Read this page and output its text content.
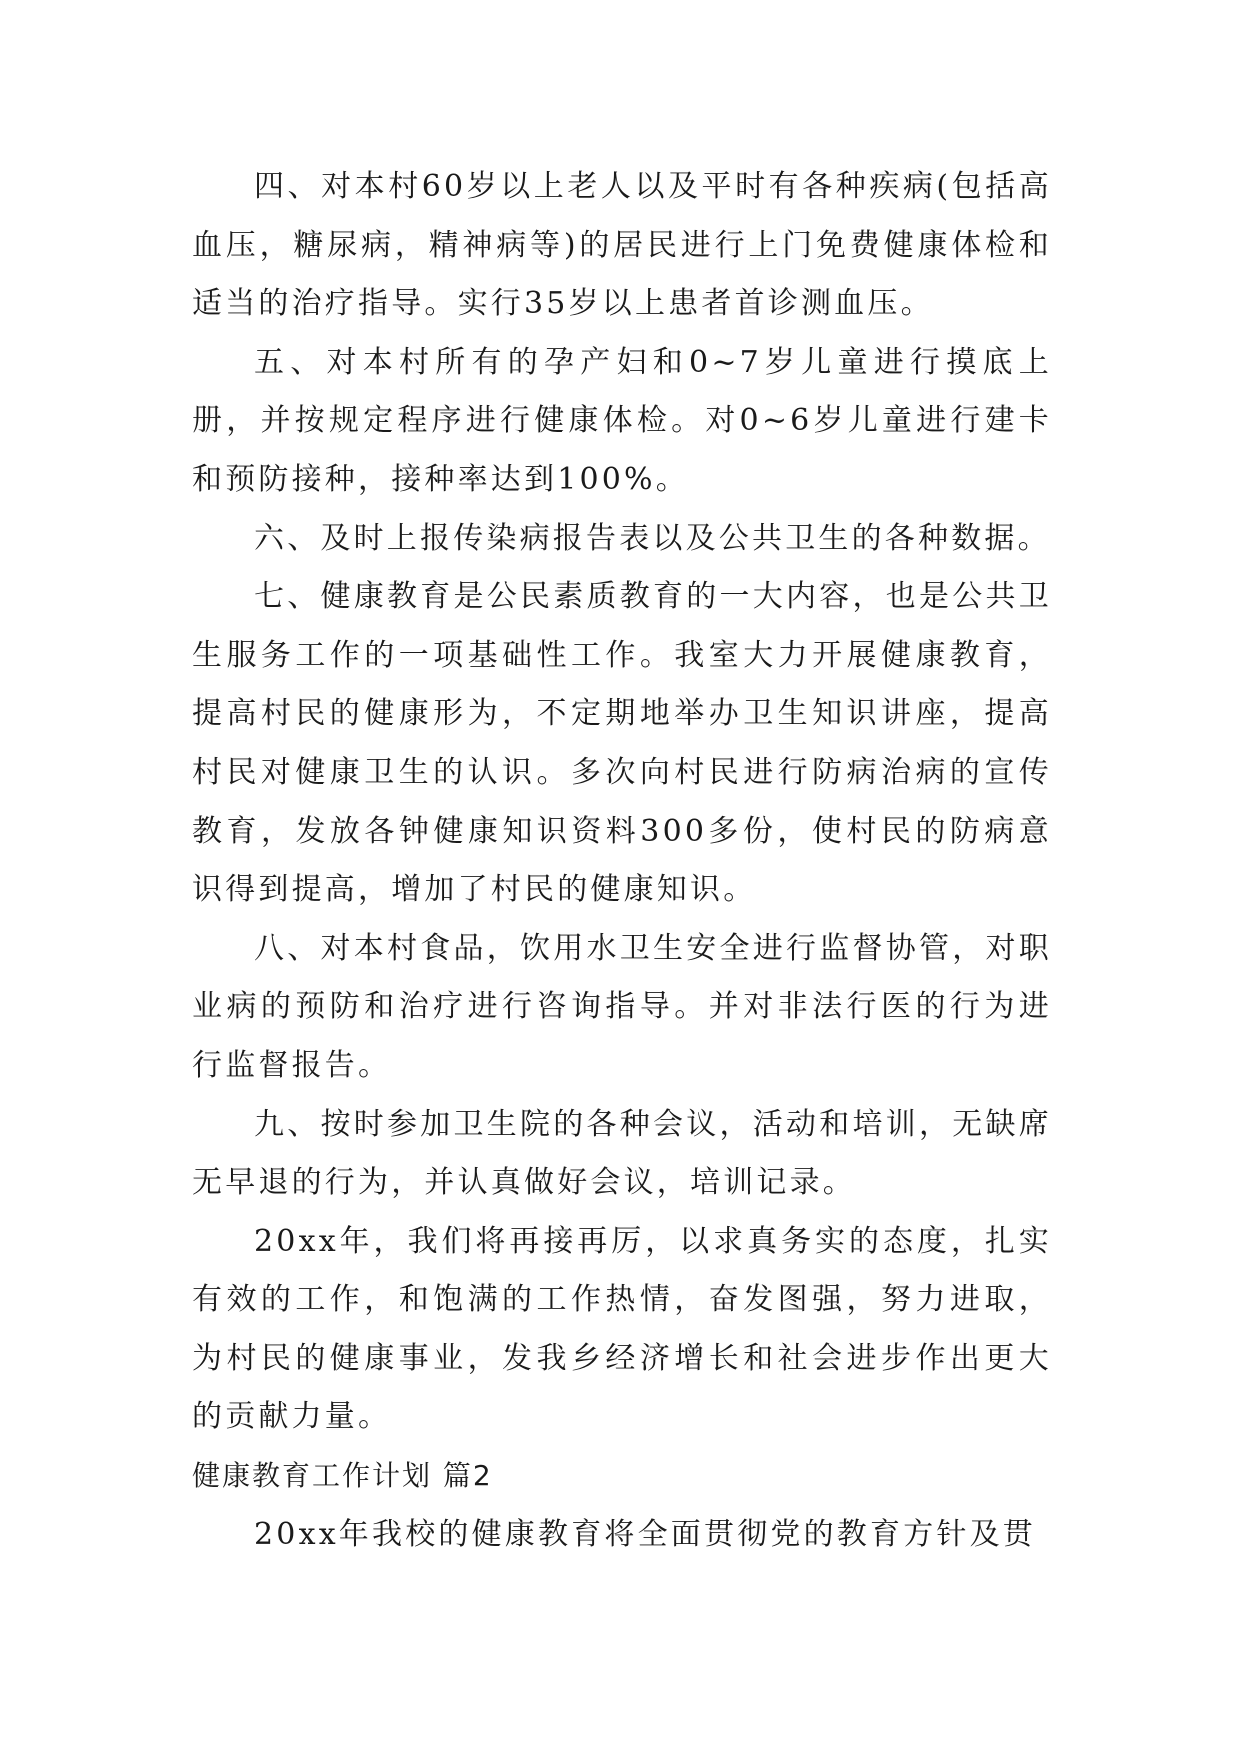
四、对本村60岁以上老人以及平时有各种疾病(包括高血压，糖尿病，精神病等)的居民进行上门免费健康体检和适当的治疗指导。实行35岁以上患者首诊测血压。

五、对本村所有的孕产妇和0~7岁儿童进行摸底上册，并按规定程序进行健康体检。对0~6岁儿童进行建卡和预防接种，接种率达到100%。

六、及时上报传染病报告表以及公共卫生的各种数据。

七、健康教育是公民素质教育的一大内容，也是公共卫生服务工作的一项基础性工作。我室大力开展健康教育，提高村民的健康形为，不定期地举办卫生知识讲座，提高村民对健康卫生的认识。多次向村民进行防病治病的宣传教育，发放各钟健康知识资料300多份，使村民的防病意识得到提高，增加了村民的健康知识。

八、对本村食品，饮用水卫生安全进行监督协管，对职业病的预防和治疗进行咨询指导。并对非法行医的行为进行监督报告。

九、按时参加卫生院的各种会议，活动和培训，无缺席无早退的行为，并认真做好会议，培训记录。

20xx年，我们将再接再厉，以求真务实的态度，扎实有效的工作，和饱满的工作热情，奋发图强，努力进取，为村民的健康事业，发我乡经济增长和社会进步作出更大的贡献力量。

健康教育工作计划 篇2

20xx年我校的健康教育将全面贯彻党的教育方针及贯
